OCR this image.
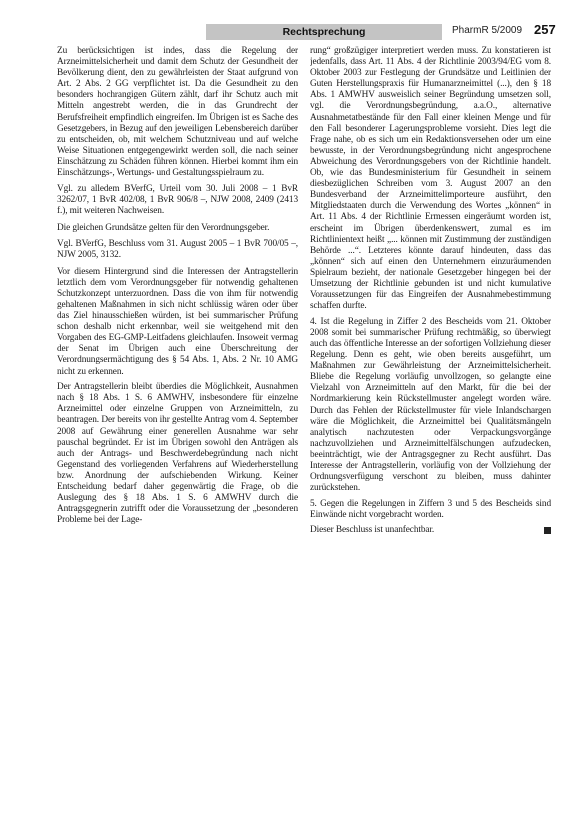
Rechtsprechung	PharmR 5/2009 257

Zu berücksichtigen ist indes, dass die Regelung der Arzneimittelsicherheit und damit dem Schutz der Gesundheit der Bevölkerung dient, den zu gewährleisten der Staat aufgrund von Art. 2 Abs. 2 GG verpflichtet ist. Da die Gesundheit zu den besonders hochrangigen Gütern zählt, darf ihr Schutz auch mit Mitteln angestrebt werden, die in das Grundrecht der Berufsfreiheit empfindlich eingreifen. Im Übrigen ist es Sache des Gesetzgebers, in Bezug auf den jeweiligen Lebensbereich darüber zu entscheiden, ob, mit welchem Schutzniveau und auf welche Weise Situationen entgegengewirkt werden soll, die nach seiner Einschätzung zu Schäden führen können. Hierbei kommt ihm ein Einschätzungs-, Wertungs- und Gestaltungsspielraum zu.

Vgl. zu alledem BVerfG, Urteil vom 30. Juli 2008 – 1 BvR 3262/07, 1 BvR 402/08, 1 BvR 906/8 –, NJW 2008, 2409 (2413 f.), mit weiteren Nachweisen.

Die gleichen Grundsätze gelten für den Verordnungsgeber.

Vgl. BVerfG, Beschluss vom 31. August 2005 – 1 BvR 700/05 –, NJW 2005, 3132.

Vor diesem Hintergrund sind die Interessen der Antragstellerin letztlich dem vom Verordnungsgeber für notwendig gehaltenen Schutzkonzept unterzuordnen. Dass die von ihm für notwendig gehaltenen Maßnahmen in sich nicht schlüssig wären oder über das Ziel hinausschießen würden, ist bei summarischer Prüfung schon deshalb nicht erkennbar, weil sie weitgehend mit den Vorgaben des EG-GMP-Leitfadens gleichlaufen. Insoweit vermag der Senat im Übrigen auch eine Überschreitung der Verordnungsermächtigung des § 54 Abs. 1, Abs. 2 Nr. 10 AMG nicht zu erkennen.

Der Antragstellerin bleibt überdies die Möglichkeit, Ausnahmen nach § 18 Abs. 1 S. 6 AMWHV, insbesondere für einzelne Arzneimittel oder einzelne Gruppen von Arzneimitteln, zu beantragen. Der bereits von ihr gestellte Antrag vom 4. September 2008 auf Gewährung einer generellen Ausnahme war sehr pauschal begründet. Er ist im Übrigen sowohl den Anträgen als auch der Antrags- und Beschwerdebegründung nach nicht Gegenstand des vorliegenden Verfahrens auf Wiederherstellung bzw. Anordnung der aufschiebenden Wirkung. Keiner Entscheidung bedarf daher gegenwärtig die Frage, ob die Auslegung des § 18 Abs. 1 S. 6 AMWHV durch die Antragsgegnerin zutrifft oder die Voraussetzung der „besonderen Probleme bei der Lage-

rung“ großzügiger interpretiert werden muss. Zu konstatieren ist jedenfalls, dass Art. 11 Abs. 4 der Richtlinie 2003/94/EG vom 8. Oktober 2003 zur Festlegung der Grundsätze und Leitlinien der Guten Herstellungspraxis für Humanarzneimittel (...), den § 18 Abs. 1 AMWHV ausweislich seiner Begründung umsetzen soll, vgl. die Verordnungsbegründung, a.a.O., alternative Ausnahmetatbestände für den Fall einer kleinen Menge und für den Fall besonderer Lagerungsprobleme vorsieht. Dies legt die Frage nahe, ob es sich um ein Redaktionsversehen oder um eine bewusste, in der Verordnungsbegründung nicht angesprochene Abweichung des Verordnungsgebers von der Richtlinie handelt. Ob, wie das Bundesministerium für Gesundheit in seinem diesbezüglichen Schreiben vom 3. August 2007 an den Bundesverband der Arzneimittelimporteure ausführt, den Mitgliedstaaten durch die Verwendung des Wortes „können“ in Art. 11 Abs. 4 der Richtlinie Ermessen eingeräumt worden ist, erscheint im Übrigen überdenkenswert, zumal es im Richtlinientext heißt „... können mit Zustimmung der zuständigen Behörde ...“. Letzteres könnte darauf hindeuten, dass das „können“ sich auf einen den Unternehmern einzuräumenden Spielraum bezieht, der nationale Gesetzgeber hingegen bei der Umsetzung der Richtlinie gebunden ist und nicht kumulative Voraussetzungen für das Eingreifen der Ausnahmebestimmung schaffen durfte.

4. Ist die Regelung in Ziffer 2 des Bescheids vom 21. Oktober 2008 somit bei summarischer Prüfung rechtmäßig, so überwiegt auch das öffentliche Interesse an der sofortigen Vollziehung dieser Regelung. Denn es geht, wie oben bereits ausgeführt, um Maßnahmen zur Gewährleistung der Arzneimittelsicherheit. Bliebe die Regelung vorläufig unvollzogen, so gelangte eine Vielzahl von Arzneimitteln auf den Markt, für die bei der Nordmarkierung kein Rückstellmuster angelegt worden wäre. Durch das Fehlen der Rückstellmuster für viele Inlandschargen wäre die Möglichkeit, die Arzneimittel bei Qualitätsmängeln analytisch nachzutesten oder Verpackungsvorgänge nachzuvollziehen und Arzneimittelfälschungen aufzudecken, beeinträchtigt, wie der Antragsgegner zu Recht ausführt. Das Interesse der Antragstellerin, vorläufig von der Vollziehung der Ordnungsverfügung verschont zu bleiben, muss dahinter zurückstehen.

5. Gegen die Regelungen in Ziffern 3 und 5 des Bescheids sind Einwände nicht vorgebracht worden.

Dieser Beschluss ist unanfechtbar.
